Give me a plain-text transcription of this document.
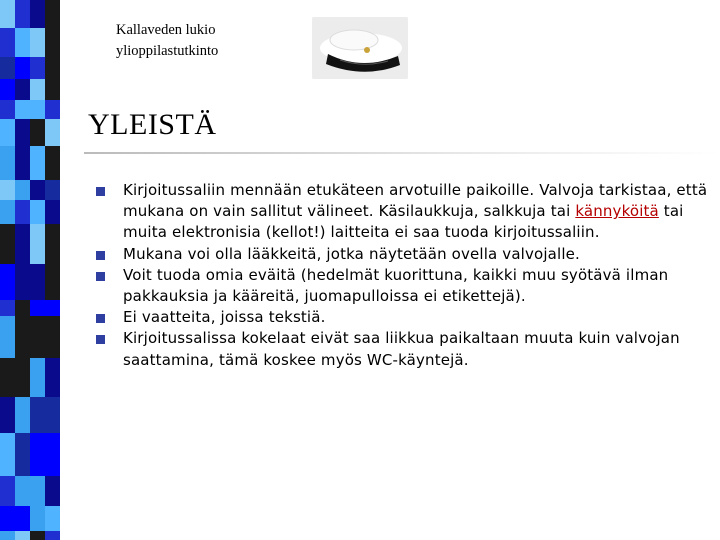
Kallaveden lukio
ylioppilastutkinto
YLEISTÄ
Kirjoitussaliin mennään etukäteen arvotuille paikoille. Valvoja tarkistaa, että mukana on vain sallitut välineet. Käsilaukkuja, salkkuja tai kännyköitä tai muita elektronisia (kellot!) laitteita ei saa tuoda kirjoitussaliin.
Mukana voi olla lääkkeitä, jotka näytetään ovella valvojalle.
Voit tuoda omia eväitä (hedelmät kuorittuna, kaikki muu syötävä ilman pakkauksia ja kääreitä, juomapulloissa ei etikettejä).
Ei vaatteita, joissa tekstiä.
Kirjoitussalissa kokelaat eivät saa liikkua paikaltaan muuta kuin valvojan saattamina, tämä koskee myös WC-käyntejä.
